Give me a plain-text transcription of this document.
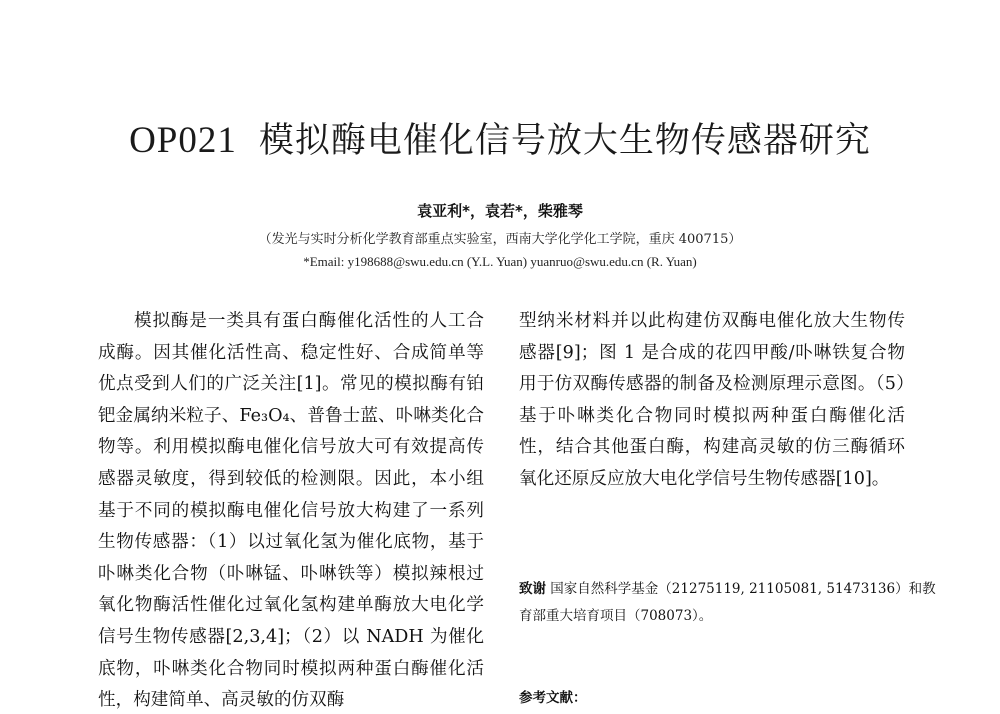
OP021 模拟酶电催化信号放大生物传感器研究
袁亚利*，袁若*，柴雅琴
（发光与实时分析化学教育部重点实验室，西南大学化学化工学院，重庆 400715）
*Email: y198688@swu.edu.cn (Y.L. Yuan) yuanruo@swu.edu.cn (R. Yuan)

模拟酶是一类具有蛋白酶催化活性的人工合成酶。因其催化活性高、稳定性好、合成简单等优点受到人们的广泛关注[1]。常见的模拟酶有铂钯金属纳米粒子、Fe₃O₄、普鲁士蓝、卟啉类化合物等。利用模拟酶电催化信号放大可有效提高传感器灵敏度，得到较低的检测限。因此，本小组基于不同的模拟酶电催化信号放大构建了一系列生物传感器：（1）以过氧化氢为催化底物，基于卟啉类化合物（卟啉锰、卟啉铁等）模拟辣根过氧化物酶活性催化过氧化氢构建单酶放大电化学信号生物传感器[2,3,4]；（2）以 NADH 为催化底物，卟啉类化合物同时模拟两种蛋白酶催化活性，构建简单、高灵敏的仿双酶

型纳米材料并以此构建仿双酶电催化放大生物传感器[9]；图 1 是合成的花四甲酸/卟啉铁复合物用于仿双酶传感器的制备及检测原理示意图。（5）基于卟啉类化合物同时模拟两种蛋白酶催化活性，结合其他蛋白酶，构建高灵敏的仿三酶循环氧化还原反应放大电化学信号生物传感器[10]。

致谢 国家自然科学基金（21275119, 21105081, 51473136）和教育部重大培育项目（708073）。
参考文献：
